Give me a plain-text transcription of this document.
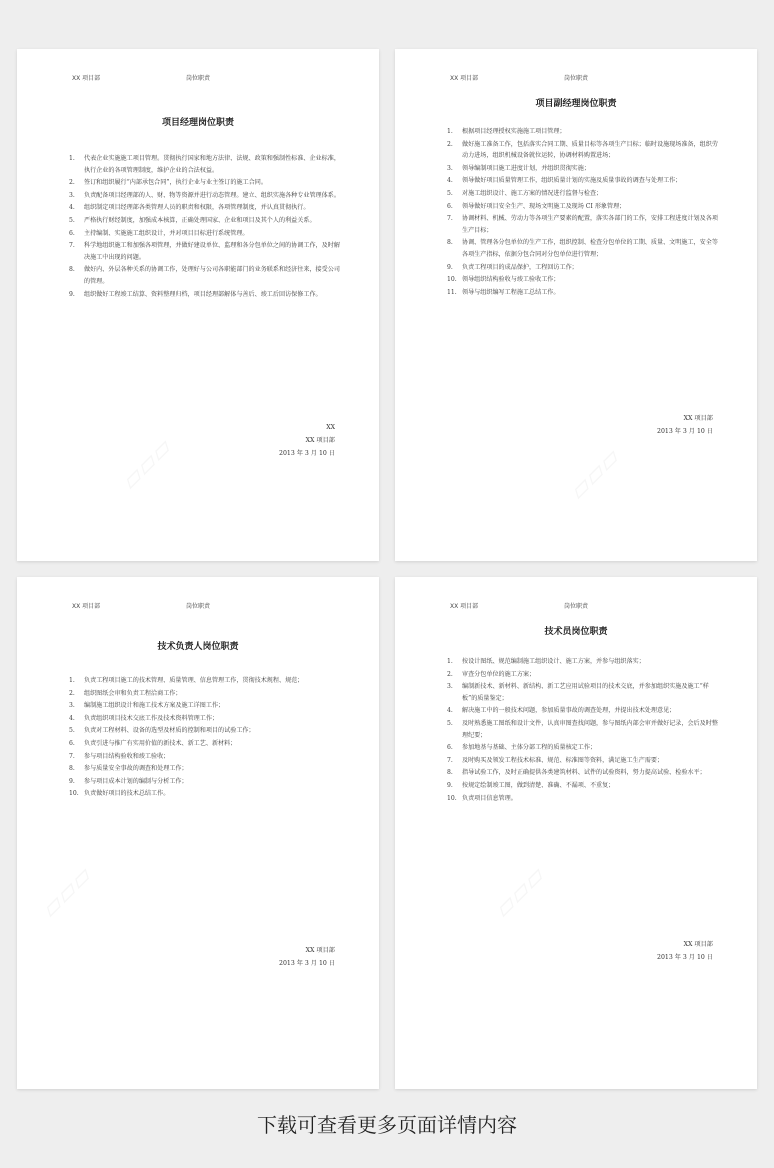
XX 项目部	岗位职责
项目经理岗位职责
1. 代表企业实施施工项目管理。贯彻执行国家和地方法律、法规、政策和强制性标准、企业标准，执行企业的各项管理制度，维护企业的合法权益。
2. 签订和组织履行“内部承包合同”，执行企业与业主签订的施工合同。
3. 负责配备项目经理部的人、财、物等资源并进行动态管理。建立、组织实施各种专业管理体系。
4. 组织制定项目经理部各类管理人员的职责和权限，各项管理制度，并认真贯彻执行。
5. 严格执行财经制度，加强成本核算，正确处理国家、企业和项目及其个人的利益关系。
6. 主持编制、实施施工组织设计，并对项目目标进行系统管理。
7. 科学地组织施工和加强各项管理，并做好建设单位、监理和各分包单位之间的协调工作，及时解决施工中出现的问题。
8. 做好内、外层各种关系的协调工作，处理好与公司各职能部门的业务联系和经济往来，接受公司的管理。
9. 组织做好工程竣工结算、资料整理归档，项目经理部解体与善后、竣工后回访保修工作。
XX
XX 项目部
2013 年 3 月 10 日
XX 项目部	岗位职责
项目副经理岗位职责
1. 根据项目经理授权实施施工项目管理；
2. 做好施工准备工作，包括落实合同工期、质量目标等各项生产目标；临时设施现场准备，组织劳动力进场，组织机械设备就位运转，协调材料购置进场；
3. 领导编制项目施工进度计划，并组织贯彻实施；
4. 领导做好项目质量管理工作，组织质量计划的实施及质量事故的调查与处理工作；
5. 对施工组织设计、施工方案的情况进行监督与检查；
6. 领导做好项目安全生产、现场文明施工及现场 CI 形象管理；
7. 协调材料、机械、劳动力等各项生产要素的配置，落实各部门的工作，安排工程进度计划及各项生产目标；
8. 协调、管理各分包单位的生产工作，组织控制、检查分包单位的工期、质量、文明施工，安全等各项生产指标，依据分包合同对分包单位进行管理；
9. 负责工程项目的成品保护，工程回访工作；
10. 领导组织结构验收与竣工验收工作；
11. 领导与组织编写工程施工总结工作。
XX 项目部
2013 年 3 月 10 日
XX 项目部	岗位职责
技术负责人岗位职责
1. 负责工程项目施工的技术管理、质量管理、信息管理工作，贯彻技术规程、规范；
2. 组织图纸会审和负责工程洽商工作；
3. 编制施工组织设计和施工技术方案及施工详图工作；
4. 负责组织项目技术交底工作及技术资料管理工作；
5. 负责对工程材料、设备的选型及材质的控制和项目的试验工作；
6. 负责引进与推广有实用价值的新技术、新工艺、新材料；
7. 参与项目结构验收和竣工验收；
8. 参与质量安全事故的调查和处理工作；
9. 参与项目成本计划的编制与分析工作；
10. 负责做好项目的技术总结工作。
XX 项目部
2013 年 3 月 10 日
XX 项目部	岗位职责
技术员岗位职责
1. 按设计图纸、规范编制施工组织设计、施工方案，并参与组织落实；
2. 审查分包单位的施工方案；
3. 编制新技术、新材料、新结构、新工艺应用试验项目的技术交底，并参加组织实施及施工“样板”的质量鉴定；
4. 解决施工中的一般技术问题，参加质量事故的调查处理，并提出技术处理意见；
5. 及时熟悉施工图纸和设计文件，认真审图查找问题，参与图纸内部会审并做好记录，会后及时整理纪要；
6. 参加地基与基础、主体分部工程的质量核定工作；
7. 及时购买及领发工程技术标准、规范、标准图等资料，满足施工生产需要；
8. 指导试验工作，及时正确提供各类建筑材料、试件的试验资料，努力提高试验、检验水平；
9. 按规定绘制竣工图，做到清楚、准确、不漏项、不重复；
10. 负责项目信息管理。
XX 项目部
2013 年 3 月 10 日
下载可查看更多页面详情内容
